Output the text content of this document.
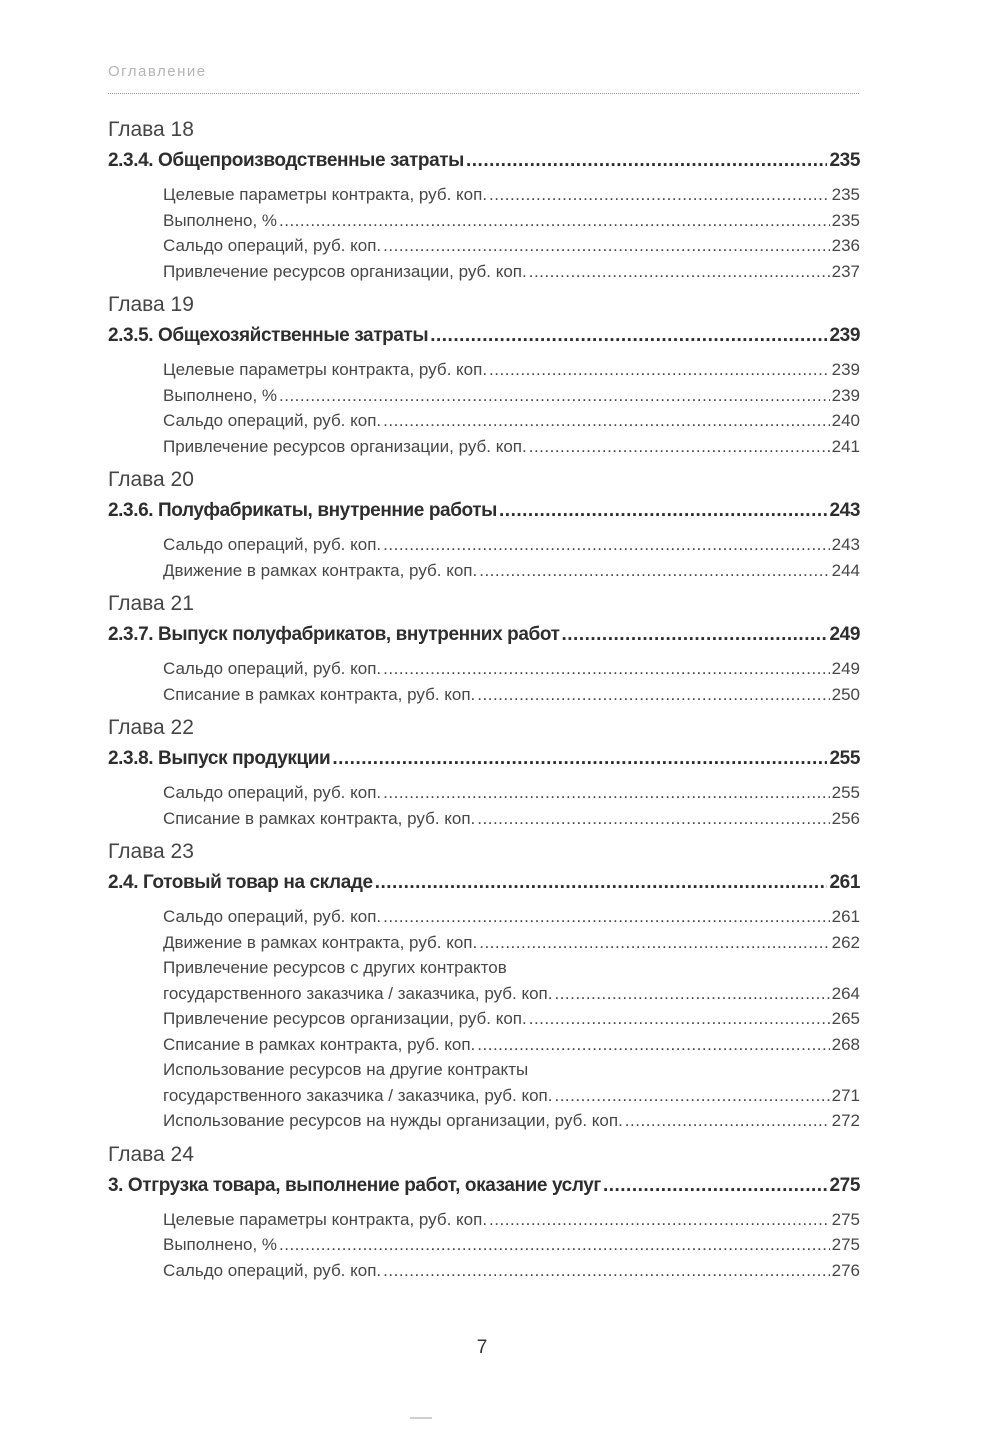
Оглавление
Глава 18
2.3.4. Общепроизводственные затраты .....	235
Целевые параметры контракта, руб. коп. .....	235
Выполнено, % .....	235
Сальдо операций, руб. коп. .....	236
Привлечение ресурсов организации, руб. коп. .....	237
Глава 19
2.3.5. Общехозяйственные затраты .....	239
Целевые параметры контракта, руб. коп. .....	239
Выполнено, % .....	239
Сальдо операций, руб. коп. .....	240
Привлечение ресурсов организации, руб. коп. .....	241
Глава 20
2.3.6. Полуфабрикаты, внутренние работы .....	243
Сальдо операций, руб. коп. .....	243
Движение в рамках контракта, руб. коп. .....	244
Глава 21
2.3.7. Выпуск полуфабрикатов, внутренних работ .....	249
Сальдо операций, руб. коп. .....	249
Списание в рамках контракта, руб. коп. .....	250
Глава 22
2.3.8. Выпуск продукции .....	255
Сальдо операций, руб. коп. .....	255
Списание в рамках контракта, руб. коп. .....	256
Глава 23
2.4. Готовый товар на складе .....	261
Сальдо операций, руб. коп. .....	261
Движение в рамках контракта, руб. коп. .....	262
Привлечение ресурсов с других контрактов
государственного заказчика / заказчика, руб. коп. .....	264
Привлечение ресурсов организации, руб. коп. .....	265
Списание в рамках контракта, руб. коп. .....	268
Использование ресурсов на другие контракты
государственного заказчика / заказчика, руб. коп. .....	271
Использование ресурсов на нужды организации, руб. коп. .....	272
Глава 24
3. Отгрузка товара, выполнение работ, оказание услуг .....	275
Целевые параметры контракта, руб. коп. .....	275
Выполнено, % .....	275
Сальдо операций, руб. коп. .....	276
7
